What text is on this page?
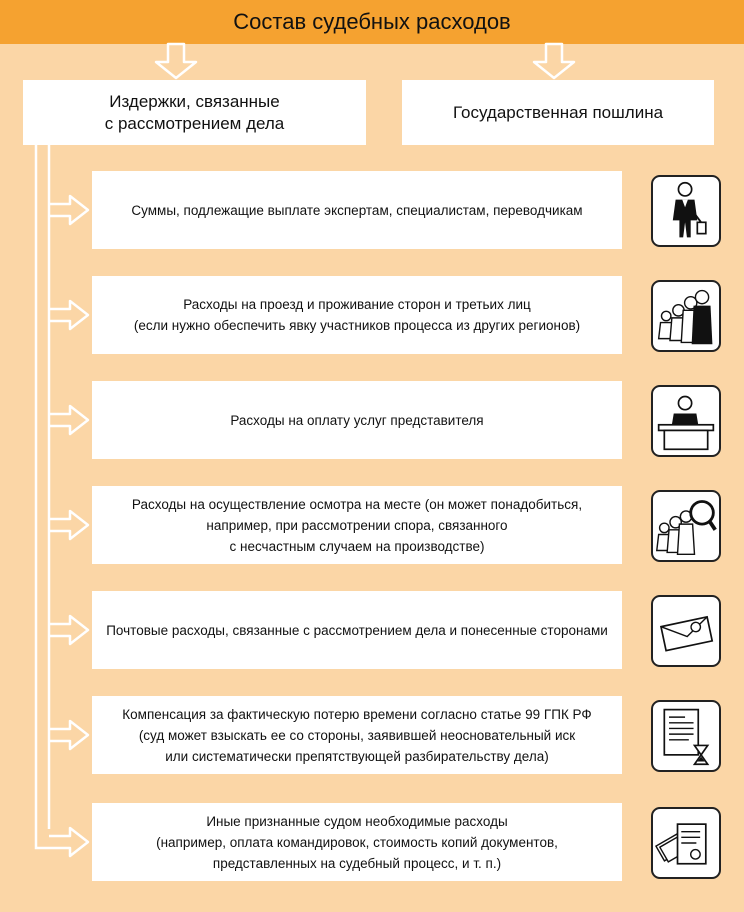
Состав судебных расходов
Издержки, связанные
с рассмотрением дела
Государственная пошлина
Суммы, подлежащие выплате экспертам, специалистам, переводчикам
Расходы на проезд и проживание сторон и третьих лиц
(если нужно обеспечить явку участников процесса из других регионов)
Расходы на оплату услуг представителя
Расходы на осуществление осмотра на месте (он может понадобиться,
например, при рассмотрении спора, связанного
с несчастным случаем на производстве)
Почтовые расходы, связанные с рассмотрением дела и понесенные сторонами
Компенсация за фактическую потерю времени согласно статье 99 ГПК РФ
(суд может взыскать ее со стороны, заявившей неосновательный иск
или систематически препятствующей разбирательству дела)
Иные признанные судом необходимые расходы
(например, оплата командировок, стоимость копий документов,
представленных на судебный процесс, и т. п.)
